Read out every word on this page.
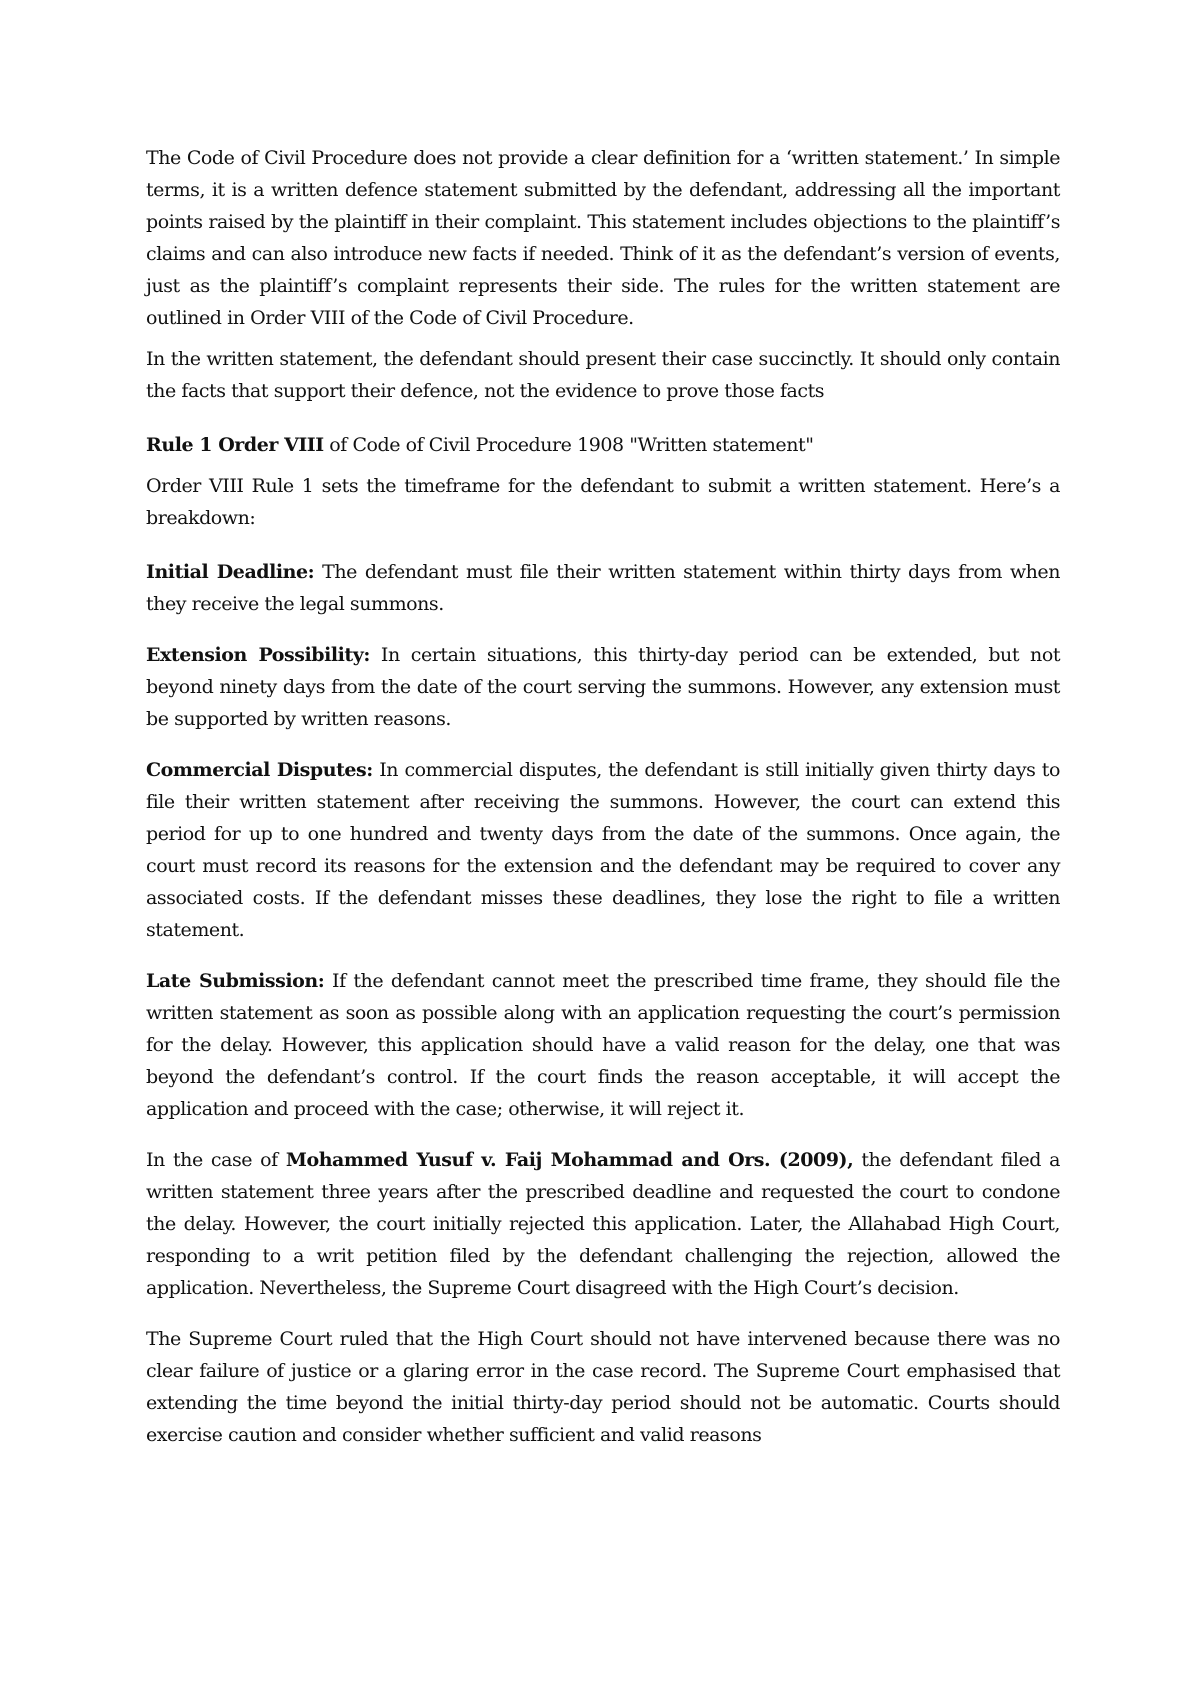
The Code of Civil Procedure does not provide a clear definition for a ‘written statement.’ In simple terms, it is a written defence statement submitted by the defendant, addressing all the important points raised by the plaintiff in their complaint. This statement includes objections to the plaintiff’s claims and can also introduce new facts if needed. Think of it as the defendant’s version of events, just as the plaintiff’s complaint represents their side. The rules for the written statement are outlined in Order VIII of the Code of Civil Procedure.

In the written statement, the defendant should present their case succinctly. It should only contain the facts that support their defence, not the evidence to prove those facts

Rule 1 Order VIII of Code of Civil Procedure 1908 "Written statement"

Order VIII Rule 1 sets the timeframe for the defendant to submit a written statement. Here’s a breakdown:

Initial Deadline: The defendant must file their written statement within thirty days from when they receive the legal summons.

Extension Possibility: In certain situations, this thirty-day period can be extended, but not beyond ninety days from the date of the court serving the summons. However, any extension must be supported by written reasons.

Commercial Disputes: In commercial disputes, the defendant is still initially given thirty days to file their written statement after receiving the summons. However, the court can extend this period for up to one hundred and twenty days from the date of the summons. Once again, the court must record its reasons for the extension and the defendant may be required to cover any associated costs. If the defendant misses these deadlines, they lose the right to file a written statement.

Late Submission: If the defendant cannot meet the prescribed time frame, they should file the written statement as soon as possible along with an application requesting the court’s permission for the delay. However, this application should have a valid reason for the delay, one that was beyond the defendant’s control. If the court finds the reason acceptable, it will accept the application and proceed with the case; otherwise, it will reject it.

In the case of Mohammed Yusuf v. Faij Mohammad and Ors. (2009), the defendant filed a written statement three years after the prescribed deadline and requested the court to condone the delay. However, the court initially rejected this application. Later, the Allahabad High Court, responding to a writ petition filed by the defendant challenging the rejection, allowed the application. Nevertheless, the Supreme Court disagreed with the High Court’s decision.

The Supreme Court ruled that the High Court should not have intervened because there was no clear failure of justice or a glaring error in the case record. The Supreme Court emphasised that extending the time beyond the initial thirty-day period should not be automatic. Courts should exercise caution and consider whether sufficient and valid reasons
